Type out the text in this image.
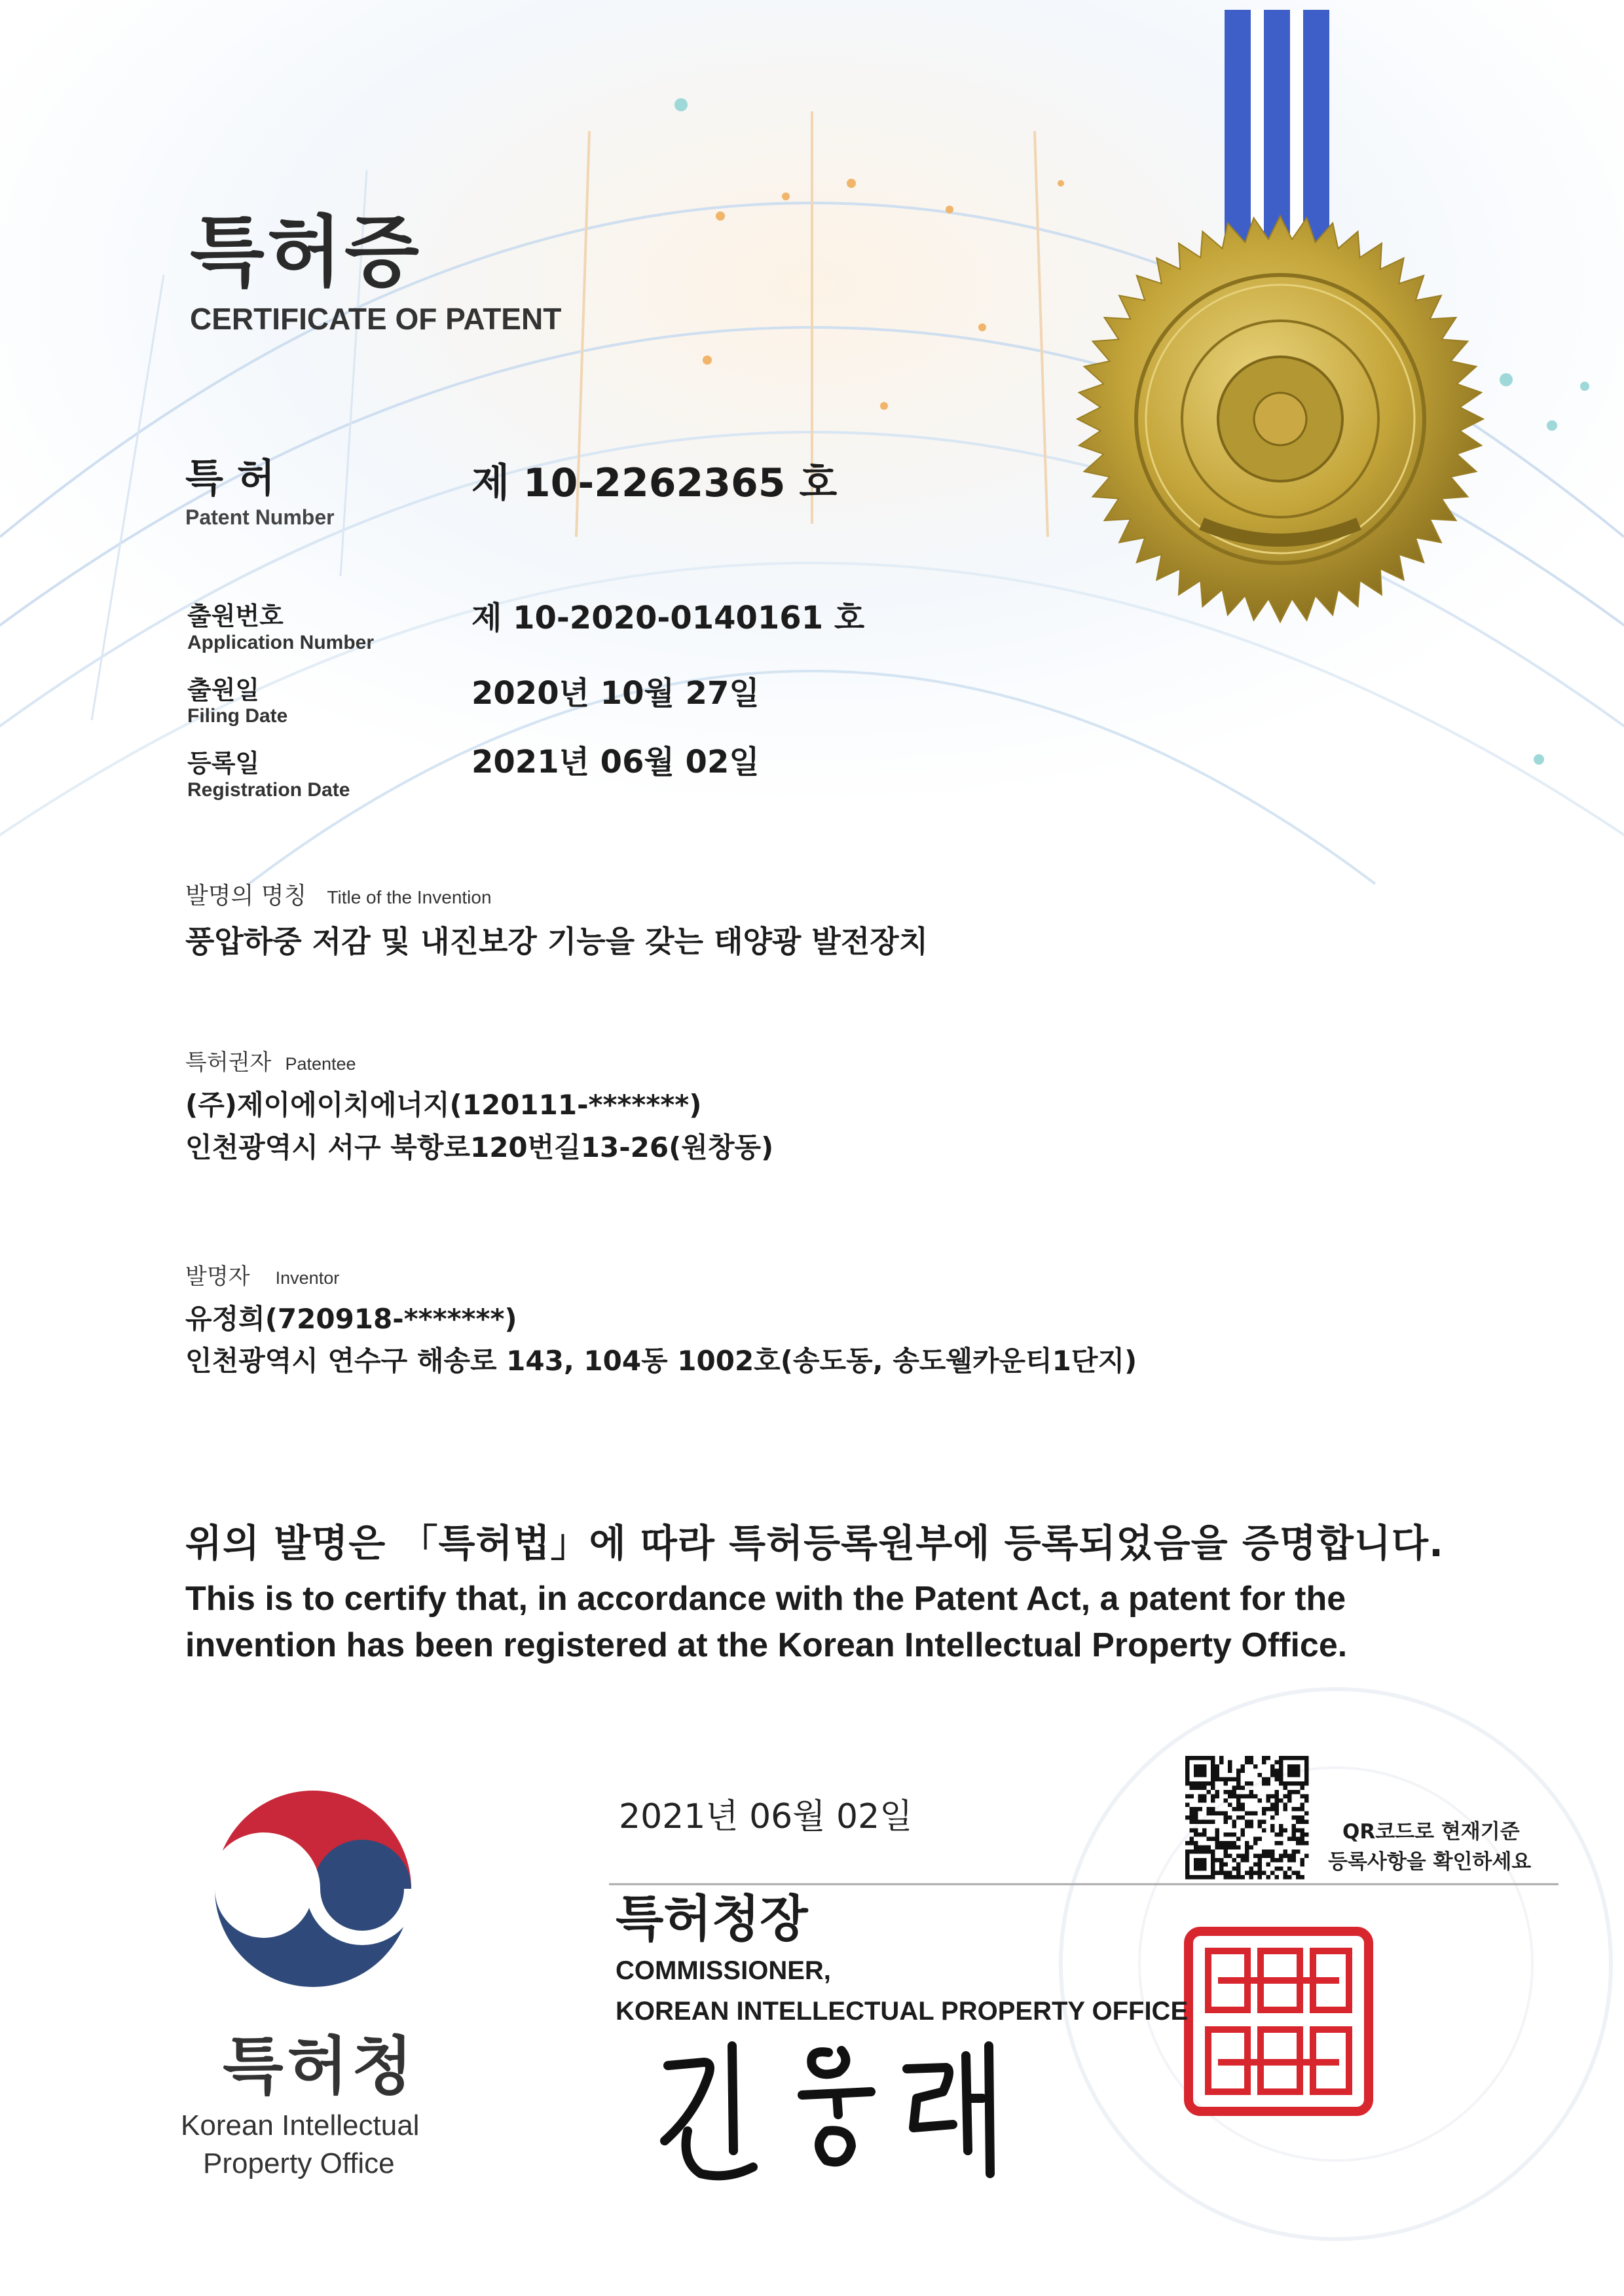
특허증
CERTIFICATE OF PATENT
특 허
Patent Number
제 10-2262365 호
출원번호
Application Number
제 10-2020-0140161 호
출원일
Filing Date
2020년 10월 27일
등록일
Registration Date
2021년 06월 02일
발명의 명칭 Title of the Invention
풍압하중 저감 및 내진보강 기능을 갖는 태양광 발전장치
특허권자 Patentee
(주)제이에이치에너지(120111-*******)
인천광역시 서구 북항로120번길13-26(원창동)
발명자 Inventor
유정희(720918-*******)
인천광역시 연수구 해송로 143, 104동 1002호(송도동, 송도웰카운티1단지)
위의 발명은 「특허법」에 따라 특허등록원부에 등록되었음을 증명합니다.
This is to certify that, in accordance with the Patent Act, a patent for the
invention has been registered at the Korean Intellectual Property Office.
2021년 06월 02일	QR코드로 현재기준
등록사항을 확인하세요
특허청장
COMMISSIONER,
KOREAN INTELLECTUAL PROPERTY OFFICE
특허청
Korean Intellectual
Property Office
